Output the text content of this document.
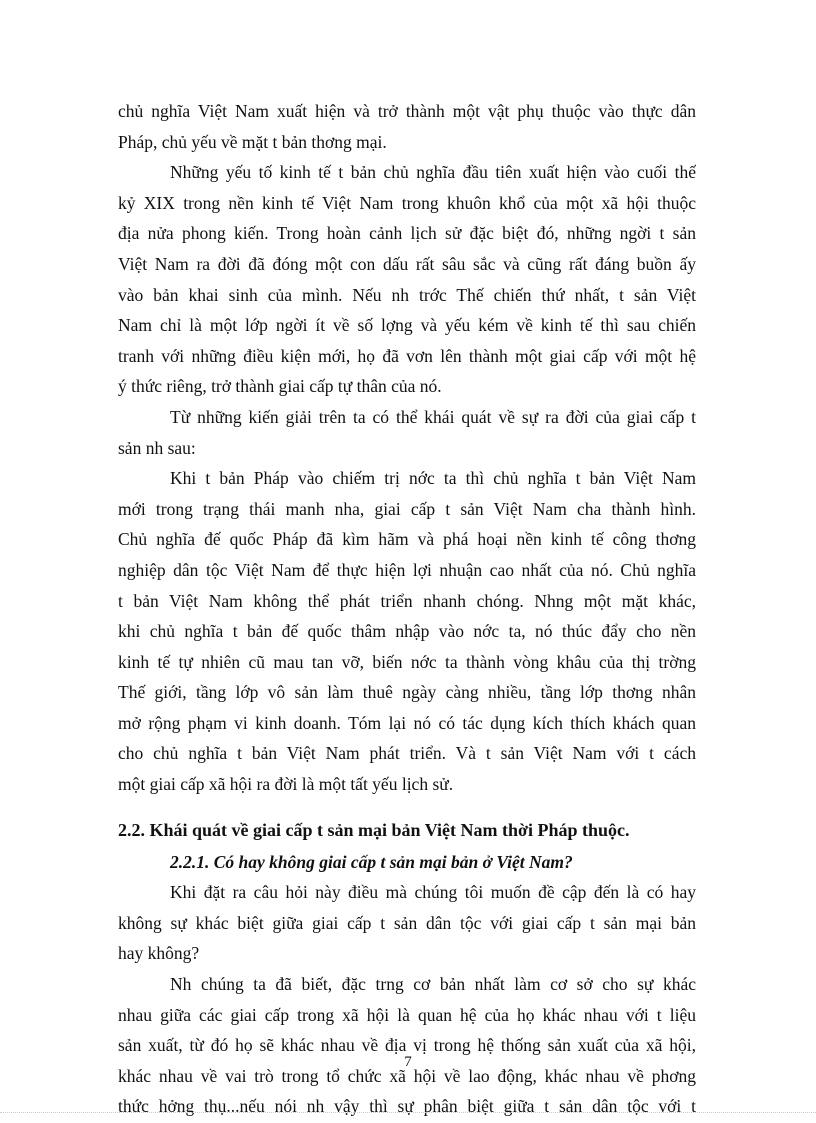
chủ nghĩa Việt Nam xuất hiện và trở thành một vật phụ thuộc vào thực dân
Pháp, chủ yếu về mặt t bản thơng mại.
Những yếu tố kinh tế t bản chủ nghĩa đầu tiên xuất hiện vào cuối thế
kỷ XIX trong nền kinh tế Việt Nam trong khuôn khổ của một xã hội thuộc
địa nửa phong kiến. Trong hoàn cảnh lịch sử đặc biệt đó, những ngời t sản
Việt Nam ra đời đã đóng một con dấu rất sâu sắc và cũng rất đáng buồn ấy
vào bản khai sinh của mình. Nếu nh trớc Thế chiến thứ nhất, t sản Việt
Nam chỉ là một lớp ngời ít về số lợng và yếu kém về kinh tế thì sau chiến
tranh với những điều kiện mới, họ đã vơn lên thành một giai cấp với một hệ
ý thức riêng, trở thành giai cấp tự thân của nó.
Từ những kiến giải trên ta có thể khái quát về sự ra đời của giai cấp t
sản nh sau:
Khi t bản Pháp vào chiếm trị nớc ta thì chủ nghĩa t bản Việt Nam
mới trong trạng thái manh nha, giai cấp t sản Việt Nam cha thành hình.
Chủ nghĩa đế quốc Pháp đã kìm hãm và phá hoại nền kinh tế công thơng
nghiệp dân tộc Việt Nam để thực hiện lợi nhuận cao nhất của nó. Chủ nghĩa
t bản Việt Nam không thể phát triển nhanh chóng. Nhng một mặt khác,
khi chủ nghĩa t bản đế quốc thâm nhập vào nớc ta, nó thúc đẩy cho nền
kinh tế tự nhiên cũ mau tan vỡ, biến nớc ta thành vòng khâu của thị trờng
Thế giới, tầng lớp vô sản làm thuê ngày càng nhiều, tầng lớp thơng nhân
mở rộng phạm vi kinh doanh. Tóm lại nó có tác dụng kích thích khách quan
cho chủ nghĩa t bản Việt Nam phát triển. Và t sản Việt Nam với t cách
một giai cấp xã hội ra đời là một tất yếu lịch sử.
2.2. Khái quát về giai cấp t sản mại bản Việt Nam thời Pháp thuộc.
2.2.1. Có hay không giai cấp t sản mại bản ở Việt Nam?
Khi đặt ra câu hỏi này điều mà chúng tôi muốn đề cập đến là có hay
không sự khác biệt giữa giai cấp t sản dân tộc với giai cấp t sản mại bản
hay không?
Nh chúng ta đã biết, đặc trng cơ bản nhất làm cơ sở cho sự khác
nhau giữa các giai cấp trong xã hội là quan hệ của họ khác nhau với t liệu
sản xuất, từ đó họ sẽ khác nhau về địa vị trong hệ thống sản xuất của xã hội,
khác nhau về vai trò trong tổ chức xã hội về lao động, khác nhau về phơng
thức hởng thụ...nếu nói nh vậy thì sự phân biệt giữa t sản dân tộc với t
7
